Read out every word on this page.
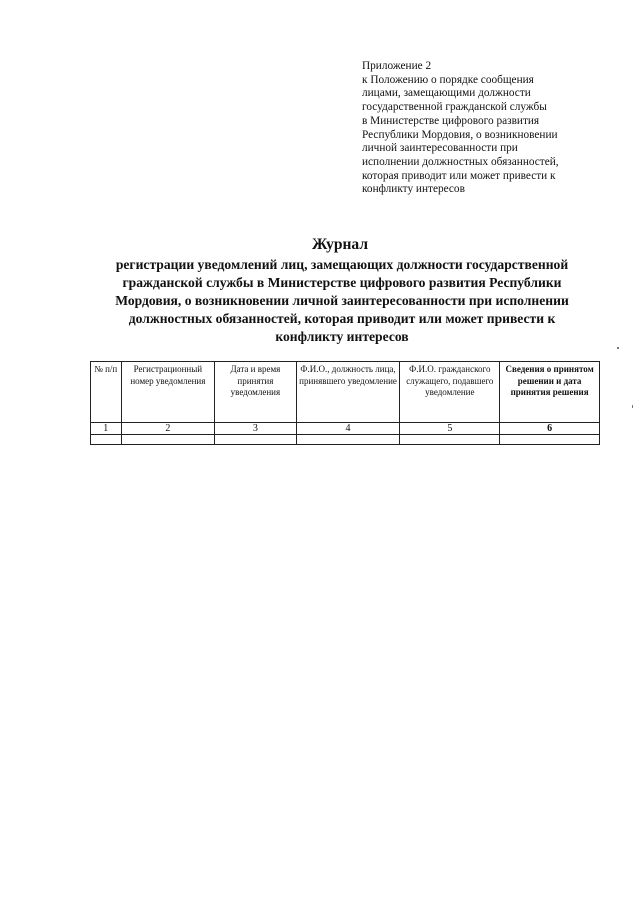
Приложение 2
к Положению о порядке сообщения
лицами, замещающими должности
государственной гражданской службы
в Министерстве цифрового развития
Республики Мордовия, о возникновении
личной заинтересованности при
исполнении должностных обязанностей,
которая приводит или может привести к
конфликту интересов
Журнал
регистрации уведомлений лиц, замещающих должности государственной
гражданской службы в Министерстве цифрового развития Республики
Мордовия, о возникновении личной заинтересованности при исполнении
должностных обязанностей, которая приводит или может привести к
конфликту интересов
№ п/п	Регистрационный номер уведомления	Дата и время принятия уведомления	Ф.И.О., должность лица, принявшего уведомление	Ф.И.О. гражданского служащего, подавшего уведомление	Сведения о принятом решении и дата принятия решения
1	2	3	4	5	6
